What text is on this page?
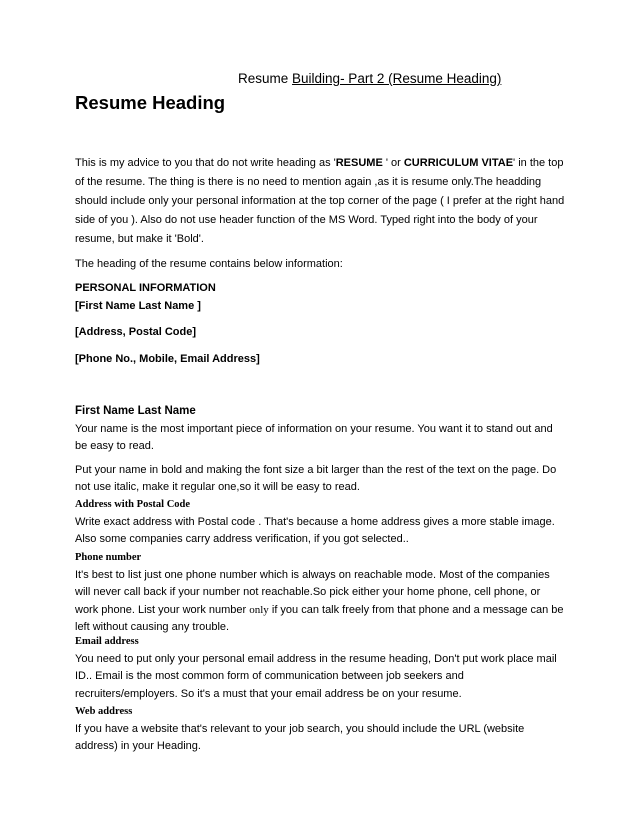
Resume Building- Part 2 (Resume Heading)
Resume Heading

This is my advice to you that do not write heading as 'RESUME ' or CURRICULUM VITAE' in the top of the resume. The thing is there is no need to mention again ,as it is resume only.The headding should include only your personal information at the top corner of the page ( I prefer at the right hand side of you ). Also do not use header function of the MS Word. Typed right into the body of your resume, but make it 'Bold'.

The heading of the resume contains below information:

PERSONAL INFORMATION
[First Name Last Name ]
[Address, Postal Code]
[Phone No., Mobile, Email Address]
First Name Last Name
Your name is the most important piece of information on your resume. You want it to stand out and be easy to read.
Put your name in bold and making the font size a bit larger than the rest of the text on the page. Do not use italic, make it regular one,so it will be easy to read.
Address with Postal Code
Write exact address with Postal code . That's because a home address gives a more stable image. Also some companies carry address verification, if you got selected..
Phone number
It's best to list just one phone number which is always on reachable mode. Most of the companies will never call back if your number not reachable.So pick either your home phone, cell phone, or work phone. List your work number only if you can talk freely from that phone and a message can be left without causing any trouble.
Email address
You need to put only your personal email address in the resume heading, Don't put work place mail ID.. Email is the most common form of communication between job seekers and recruiters/employers. So it's a must that your email address be on your resume.
Web address
If you have a website that's relevant to your job search, you should include the URL (website address) in your Heading.
